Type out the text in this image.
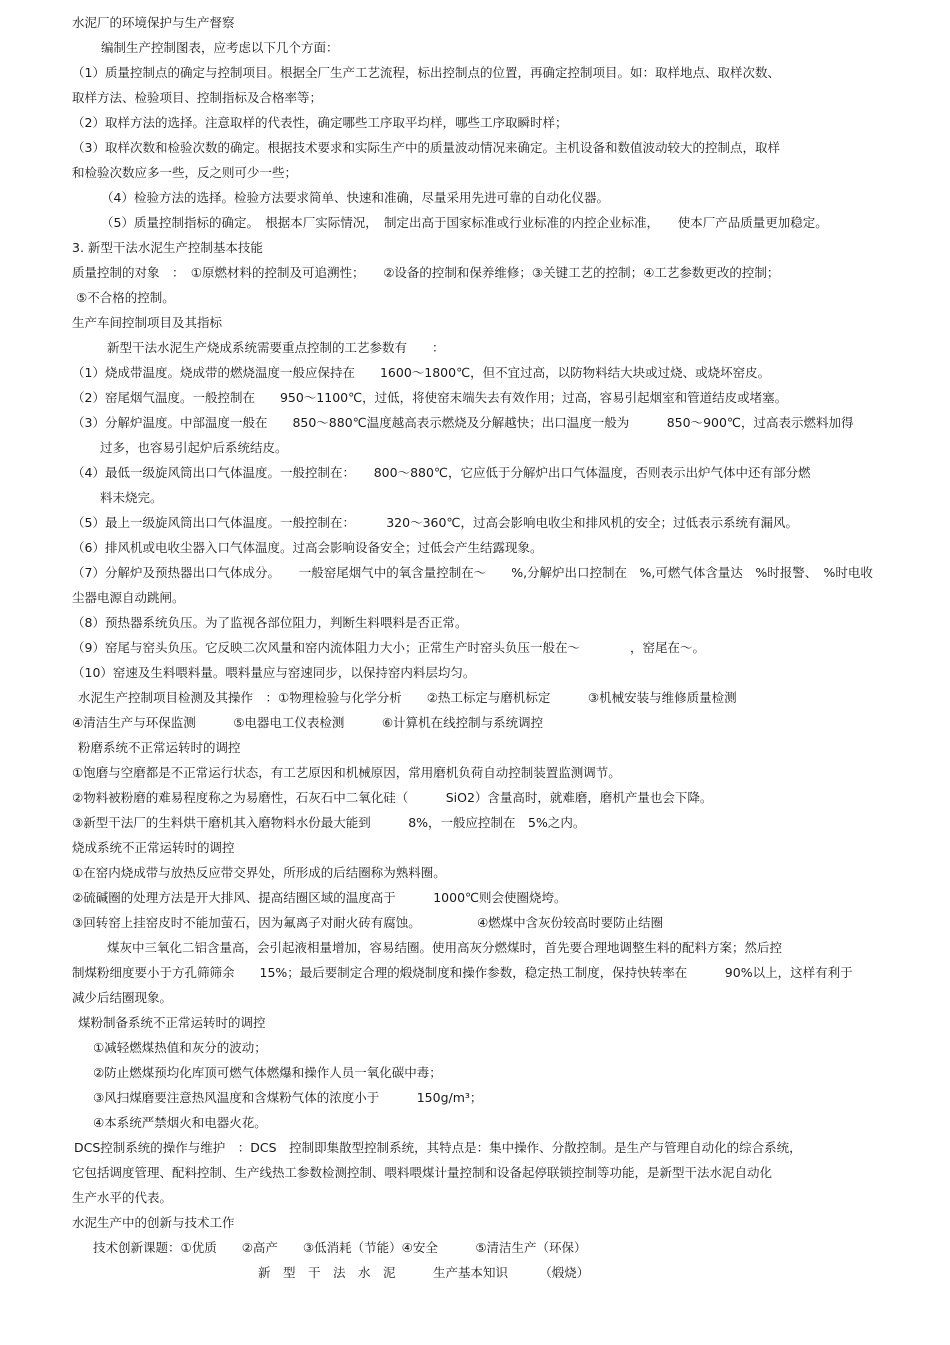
水泥厂的环境保护与生产督察

编制生产控制图表，应考虑以下几个方面：

（1）质量控制点的确定与控制项目。根据全厂生产工艺流程，标出控制点的位置，再确定控制项目。如：取样地点、取样次数、

取样方法、检验项目、控制指标及合格率等；

（2）取样方法的选择。注意取样的代表性，确定哪些工序取平均样，哪些工序取瞬时样；

（3）取样次数和检验次数的确定。根据技术要求和实际生产中的质量波动情况来确定。主机设备和数值波动较大的控制点，取样

和检验次数应多一些，反之则可少一些；

（4）检验方法的选择。检验方法要求简单、快速和准确，尽量采用先进可靠的自动化仪器。

（5）质量控制指标的确定。　根据本厂实际情况，　制定出高于国家标准或行业标准的内控企业标准，　　使本厂产品质量更加稳定。

3. 新型干法水泥生产控制基本技能

质量控制的对象　：　①原燃材料的控制及可追溯性；　　②设备的控制和保养维修；③关键工艺的控制；④工艺参数更改的控制；

⑤不合格的控制。

生产车间控制项目及其指标

新型干法水泥生产烧成系统需要重点控制的工艺参数有　　：

（1）烧成带温度。烧成带的燃烧温度一般应保持在　　1600～1800℃，但不宜过高，以防物料结大块或过烧、或烧坏窑皮。

（2）窑尾烟气温度。一般控制在　　950～1100℃，过低，将使窑末端失去有效作用；过高，容易引起烟室和管道结皮或堵塞。

（3）分解炉温度。中部温度一般在　　850～880℃温度越高表示燃烧及分解越快；出口温度一般为　　　850～900℃，过高表示燃料加得

过多，也容易引起炉后系统结皮。

（4）最低一级旋风筒出口气体温度。一般控制在：　　800～880℃，它应低于分解炉出口气体温度，否则表示出炉气体中还有部分燃

料未烧完。

（5）最上一级旋风筒出口气体温度。一般控制在：　　　320～360℃，过高会影响电收尘和排风机的安全；过低表示系统有漏风。

（6）排风机或电收尘器入口气体温度。过高会影响设备安全；过低会产生结露现象。

（7）分解炉及预热器出口气体成分。　　一般窑尾烟气中的氧含量控制在～　　%,分解炉出口控制在　%,可燃气体含量达　%时报警、　%时电收

尘器电源自动跳闸。

（8）预热器系统负压。为了监视各部位阻力，判断生料喂料是否正常。

（9）窑尾与窑头负压。它反映二次风量和窑内流体阻力大小；正常生产时窑头负压一般在～　　　　，窑尾在～。

（10）窑速及生料喂料量。喂料量应与窑速同步，以保持窑内料层均匀。

水泥生产控制项目检测及其操作　：①物理检验与化学分析　　②热工标定与磨机标定　　　③机械安装与维修质量检测

④清洁生产与环保监测　　　⑤电器电工仪表检测　　　⑥计算机在线控制与系统调控

粉磨系统不正常运转时的调控

①饱磨与空磨都是不正常运行状态，有工艺原因和机械原因，常用磨机负荷自动控制装置监测调节。

②物料被粉磨的难易程度称之为易磨性，石灰石中二氧化硅（　　　SiO2）含量高时，就难磨，磨机产量也会下降。

③新型干法厂的生料烘干磨机其入磨物料水份最大能到　　　8%，一般应控制在　5%之内。

烧成系统不正常运转时的调控

①在窑内烧成带与放热反应带交界处，所形成的后结圈称为熟料圈。

②硫碱圈的处理方法是开大排风、提高结圈区域的温度高于　　　1000℃则会使圈烧垮。

③回转窑上挂窑皮时不能加萤石，因为氟离子对耐火砖有腐蚀。　　　　　④燃煤中含灰份较高时要防止结圈

煤灰中三氧化二铝含量高，会引起液相量增加，容易结圈。使用高灰分燃煤时，首先要合理地调整生料的配料方案；然后控

制煤粉细度要小于方孔筛筛余　　15%；最后要制定合理的煅烧制度和操作参数，稳定热工制度，保持快转率在　　　90%以上，这样有利于

减少后结圈现象。

煤粉制备系统不正常运转时的调控

①减轻燃煤热值和灰分的波动；

②防止燃煤预均化库顶可燃气体燃爆和操作人员一氧化碳中毒；

③风扫煤磨要注意热风温度和含煤粉气体的浓度小于　　　150g/m³；

④本系统严禁烟火和电器火花。

DCS控制系统的操作与维护　：DCS　控制即集散型控制系统，其特点是：集中操作、分散控制。是生产与管理自动化的综合系统，

它包括调度管理、配料控制、生产线热工参数检测控制、喂料喂煤计量控制和设备起停联锁控制等功能，是新型干法水泥自动化

生产水平的代表。

水泥生产中的创新与技术工作

技术创新课题：①优质　　②高产　　③低消耗（节能）④安全　　　⑤清洁生产（环保）

新　型　干　法　水　泥　　　生产基本知识　　　（煅烧）
